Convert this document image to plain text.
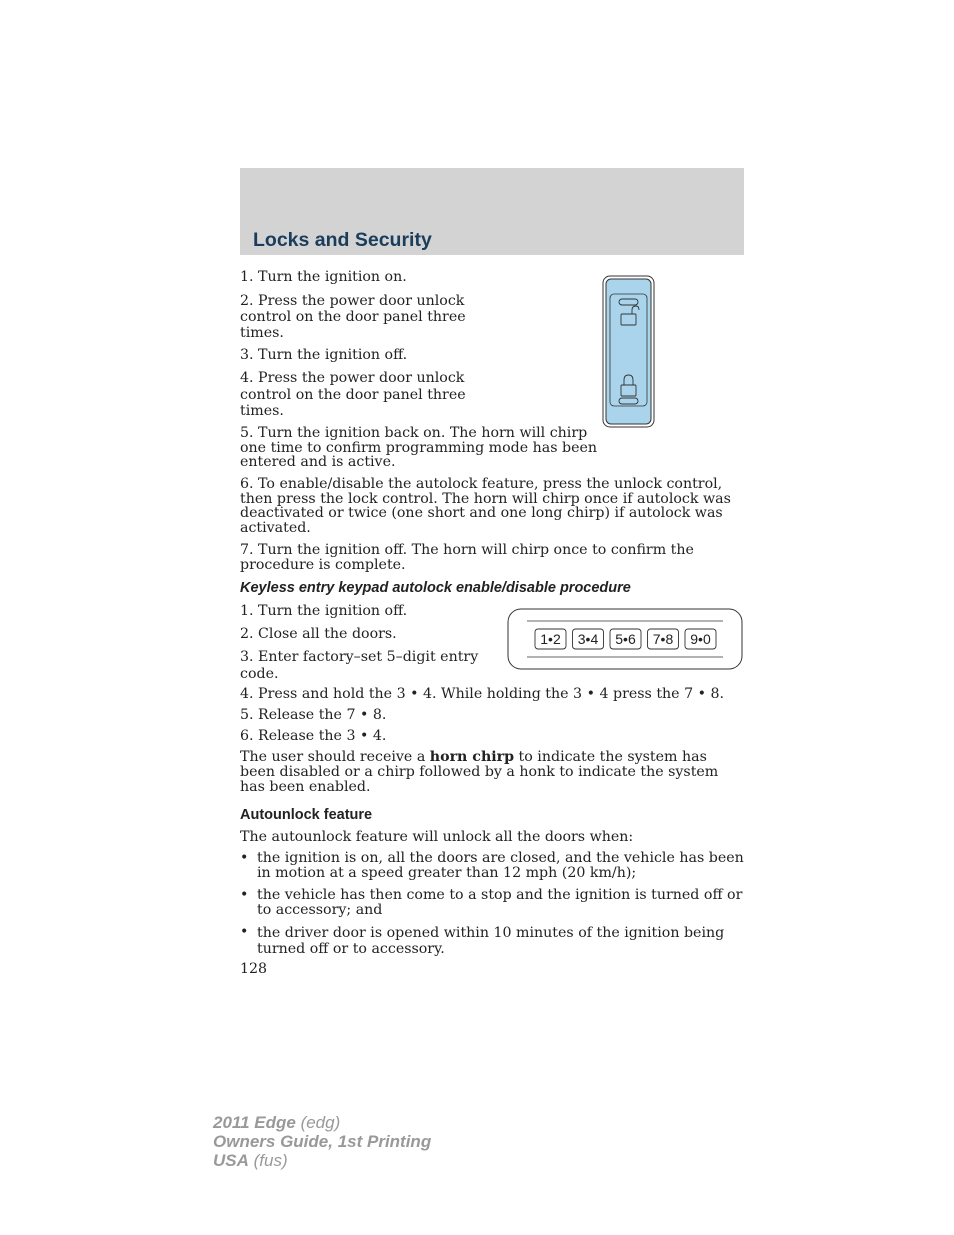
Locks and Security

1. Turn the ignition on.

2. Press the power door unlock control on the door panel three times.

3. Turn the ignition off.

4. Press the power door unlock control on the door panel three times.

5. Turn the ignition back on. The horn will chirp one time to confirm programming mode has been entered and is active.

6. To enable/disable the autolock feature, press the unlock control, then press the lock control. The horn will chirp once if autolock was deactivated or twice (one short and one long chirp) if autolock was activated.

7. Turn the ignition off. The horn will chirp once to confirm the procedure is complete.

Keyless entry keypad autolock enable/disable procedure
1•2 3•4 5•6 7•8 9•0

1. Turn the ignition off.

2. Close all the doors.

3. Enter factory–set 5–digit entry code.

4. Press and hold the 3 • 4. While holding the 3 • 4 press the 7 • 8.

5. Release the 7 • 8.

6. Release the 3 • 4.

The user should receive a horn chirp to indicate the system has been disabled or a chirp followed by a honk to indicate the system has been enabled.

Autounlock feature

The autounlock feature will unlock all the doors when:

• the ignition is on, all the doors are closed, and the vehicle has been in motion at a speed greater than 12 mph (20 km/h);
• the vehicle has then come to a stop and the ignition is turned off or to accessory; and
• the driver door is opened within 10 minutes of the ignition being turned off or to accessory.

128

2011 Edge (edg)
Owners Guide, 1st Printing
USA (fus)
